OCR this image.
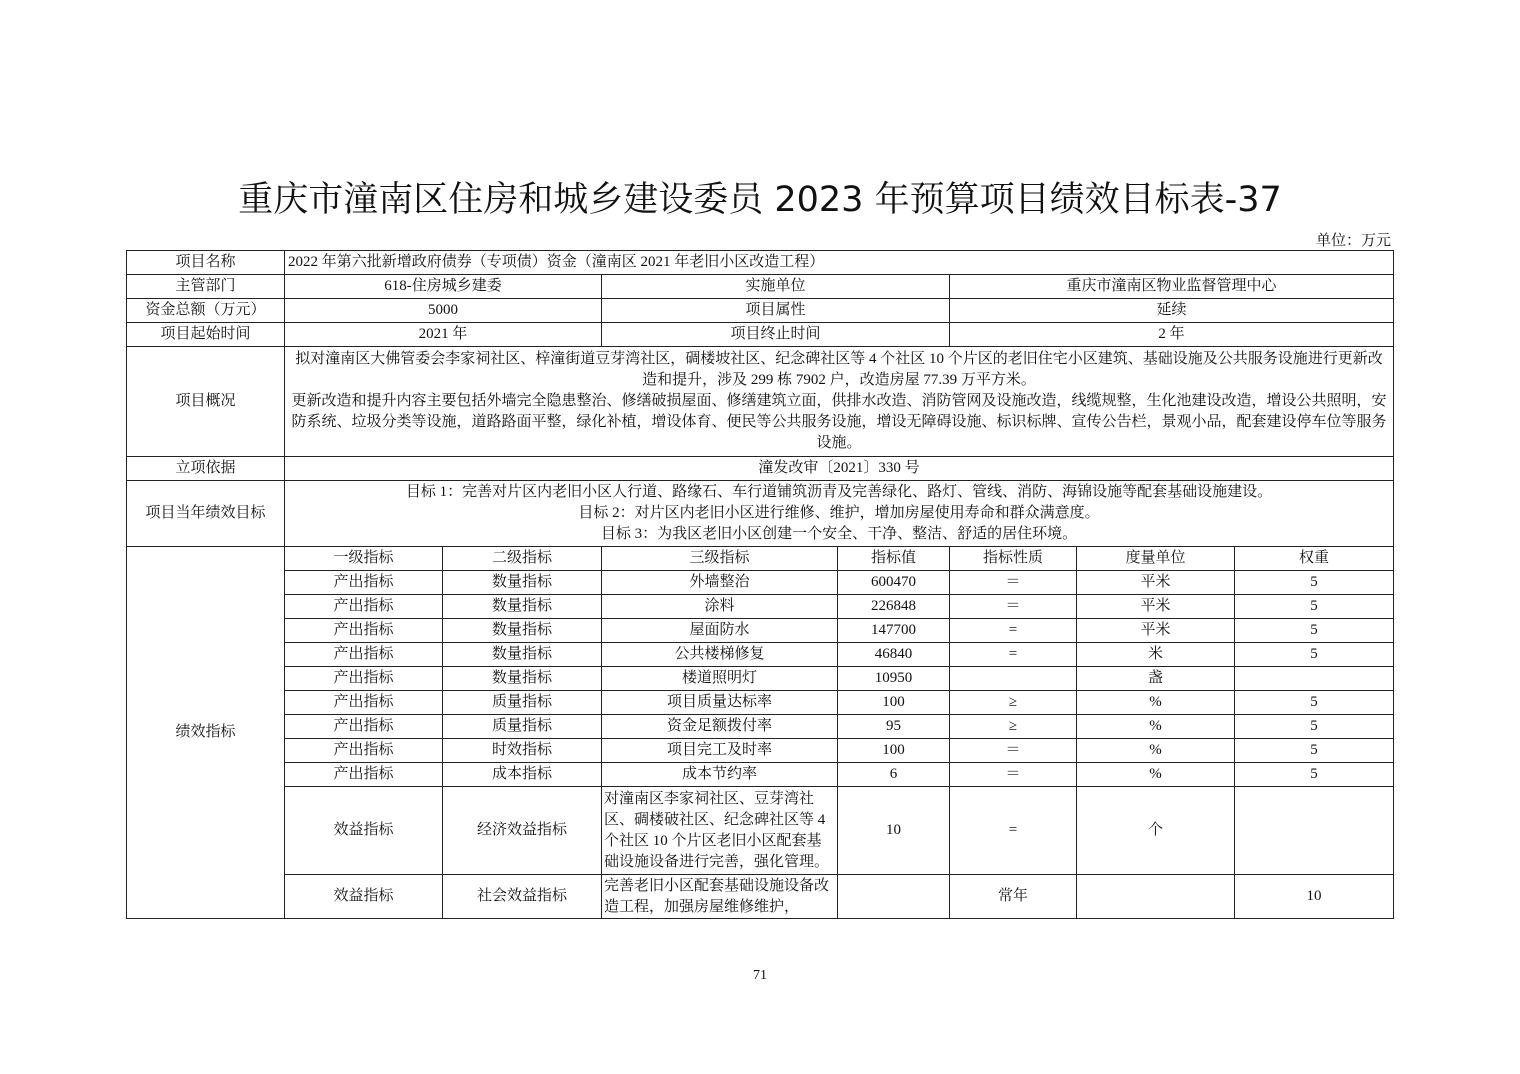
重庆市潼南区住房和城乡建设委员 2023 年预算项目绩效目标表-37
单位：万元
项目名称	2022 年第六批新增政府债券（专项债）资金（潼南区 2021 年老旧小区改造工程）						
主管部门	618-住房城乡建委		实施单位		重庆市潼南区物业监督管理中心		
资金总额（万元）	5000		项目属性		延续		
项目起始时间	2021 年		项目终止时间		2 年		
项目概况	拟对潼南区大佛管委会李家祠社区、梓潼街道豆芽湾社区，碉楼坡社区、纪念碑社区等 4 个社区 10 个片区的老旧住宅小区建筑、基础设施及公共服务设施进行更新改造和提升，涉及 299 栋 7902 户，改造房屋 77.39 万平方米。
更新改造和提升内容主要包括外墙完全隐患整治、修缮破损屋面、修缮建筑立面，供排水改造、消防管网及设施改造，线缆规整，生化池建设改造，增设公共照明，安防系统、垃圾分类等设施，道路路面平整，绿化补植，增设体育、便民等公共服务设施，增设无障碍设施、标识标牌、宣传公告栏，景观小品，配套建设停车位等服务设施。						

立项依据	潼发改审〔2021〕330 号						
项目当年绩效目标	目标 1：完善对片区内老旧小区人行道、路缘石、车行道铺筑沥青及完善绿化、路灯、管线、消防、海锦设施等配套基础设施建设。
目标 2：对片区内老旧小区进行维修、维护，增加房屋使用寿命和群众满意度。
目标 3：为我区老旧小区创建一个安全、干净、整洁、舒适的居住环境。						

绩效指标	一级指标	二级指标	三级指标	指标值	指标性质	度量单位	权重
	产出指标	数量指标	外墙整治	600470	＝	平米	5
	产出指标	数量指标	涂料	226848	＝	平米	5
	产出指标	数量指标	屋面防水	147700	=	平米	5
	产出指标	数量指标	公共楼梯修复	46840	=	米	5
	产出指标	数量指标	楼道照明灯	10950		盏	
	产出指标	质量指标	项目质量达标率	100	≥	%	5
	产出指标	质量指标	资金足额拨付率	95	≥	%	5
	产出指标	时效指标	项目完工及时率	100	＝	%	5
	产出指标	成本指标	成本节约率	6	＝	%	5
	效益指标	经济效益指标	对潼南区李家祠社区、豆芽湾社区、碉楼破社区、纪念碑社区等 4 个社区 10 个片区老旧小区配套基础设施设备进行完善，强化管理。	10	=	个	
	效益指标	社会效益指标	完善老旧小区配套基础设施设备改造工程，加强房屋维修维护，		常年		10
71
